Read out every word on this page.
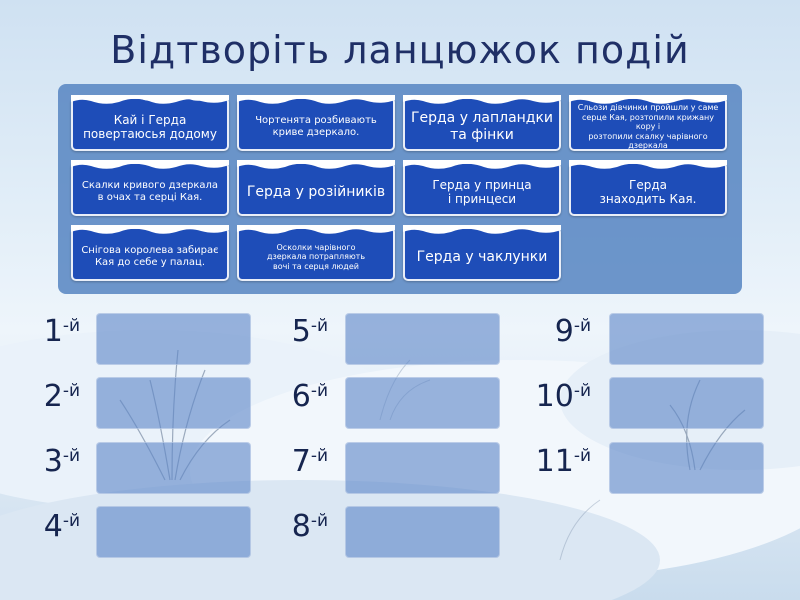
Відтворіть ланцюжок подій
Кай і Герда
повертаюсья додому
Чортенята розбивають
криве дзеркало.
Герда у лапландки
та фінки
Сльози дівчинки пройшли у саме
серце Кая, розтопили крижану кору і
розтопили скалку чарівного дзеркала
Скалки кривого дзеркала
в очах та серці Кая.	Герда у розійників	Герда у принца
і принцеси
Герда
знаходить Кая.
Снігова королева забирає
Кая до себе у палац.
Осколки чарівного
дзеркала потрапляють
вочі та серця людей
Герда у чаклунки
$1^{-й}$
$2^{-й}$
$3^{-й}$
$4^{-й}$
$5^{-й}$
$6^{-й}$
$7^{-й}$
$8^{-й}$
$9^{-й}$
$10^{-й}$
$11^{-й}$
